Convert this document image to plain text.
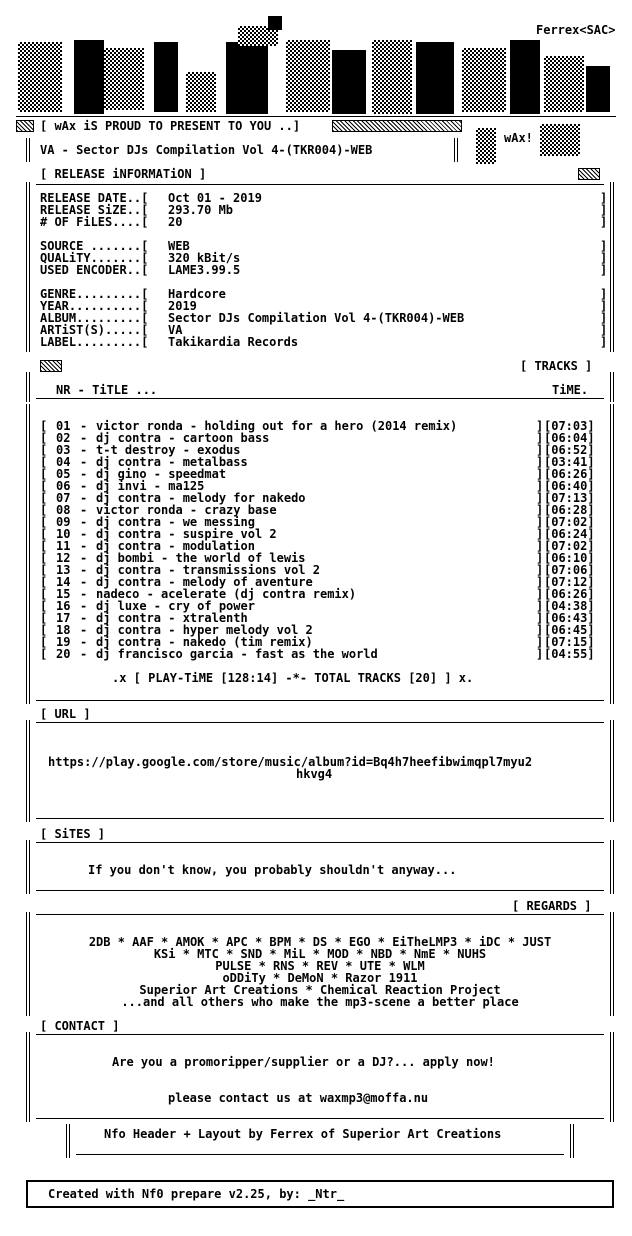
Ferrex<SAC>
[ wAx iS PROUD TO PRESENT TO YOU ..]
wAx!
VA - Sector DJs Compilation Vol 4-(TKR004)-WEB
[ RELEASE iNFORMATiON ]
RELEASE DATE..[ Oct 01 - 2019	]
RELEASE SiZE..[ 293.70 Mb	]
# OF FiLES....[ 20	]
SOURCE .......[ WEB	]
QUALiTY.......[ 320 kBit/s	]
USED ENCODER..[ LAME3.99.5	]
GENRE.........[ Hardcore	]
YEAR..........[ 2019	]
ALBUM.........[ Sector DJs Compilation Vol 4-(TKR004)-WEB	]
ARTiST(S).....[ VA	]
LABEL.........[ Takikardia Records	]
[ TRACKS ]
NR - TiTLE ...	TiME.
[ 01 - victor ronda - holding out for a hero (2014 remix)	] [07:03]
[ 02 - dj contra - cartoon bass	] [06:04]
[ 03 - t-t destroy - exodus	] [06:52]
[ 04 - dj contra - metalbass	] [03:41]
[ 05 - dj gino - speedmat	] [06:26]
[ 06 - dj invi - ma125	] [06:40]
[ 07 - dj contra - melody for nakedo	] [07:13]
[ 08 - victor ronda - crazy base	] [06:28]
[ 09 - dj contra - we messing	] [07:02]
[ 10 - dj contra - suspire vol 2	] [06:24]
[ 11 - dj contra - modulation	] [07:02]
[ 12 - dj bombi - the world of lewis	] [06:10]
[ 13 - dj contra - transmissions vol 2	] [07:06]
[ 14 - dj contra - melody of aventure	] [07:12]
[ 15 - nadeco - acelerate (dj contra remix)	] [06:26]
[ 16 - dj luxe - cry of power	] [04:38]
[ 17 - dj contra - xtralenth	] [06:43]
[ 18 - dj contra - hyper melody vol 2	] [06:45]
[ 19 - dj contra - nakedo (tim remix)	] [07:15]
[ 20 - dj francisco garcia - fast as the world	] [04:55]
.x [ PLAY-TiME [128:14] -*- TOTAL TRACKS [20] ] x.
[ URL ]
https://play.google.com/store/music/album?id=Bq4h7heefibwimqpl7myu2
hkvg4
[ SiTES ]
If you don't know, you probably shouldn't anyway...
[ REGARDS ]
2DB * AAF * AMOK * APC * BPM * DS * EGO * EiTheLMP3 * iDC * JUST
KSi * MTC * SND * MiL * MOD * NBD * NmE * NUHS
PULSE * RNS * REV * UTE * WLM
oDDiTy * DeMoN * Razor 1911
Superior Art Creations * Chemical Reaction Project
...and all others who make the mp3-scene a better place
[ CONTACT ]
Are you a promoripper/supplier or a DJ?... apply now!
please contact us at waxmp3@moffa.nu
Nfo Header + Layout by Ferrex of Superior Art Creations
Created with Nf0 prepare v2.25, by: _Ntr_
